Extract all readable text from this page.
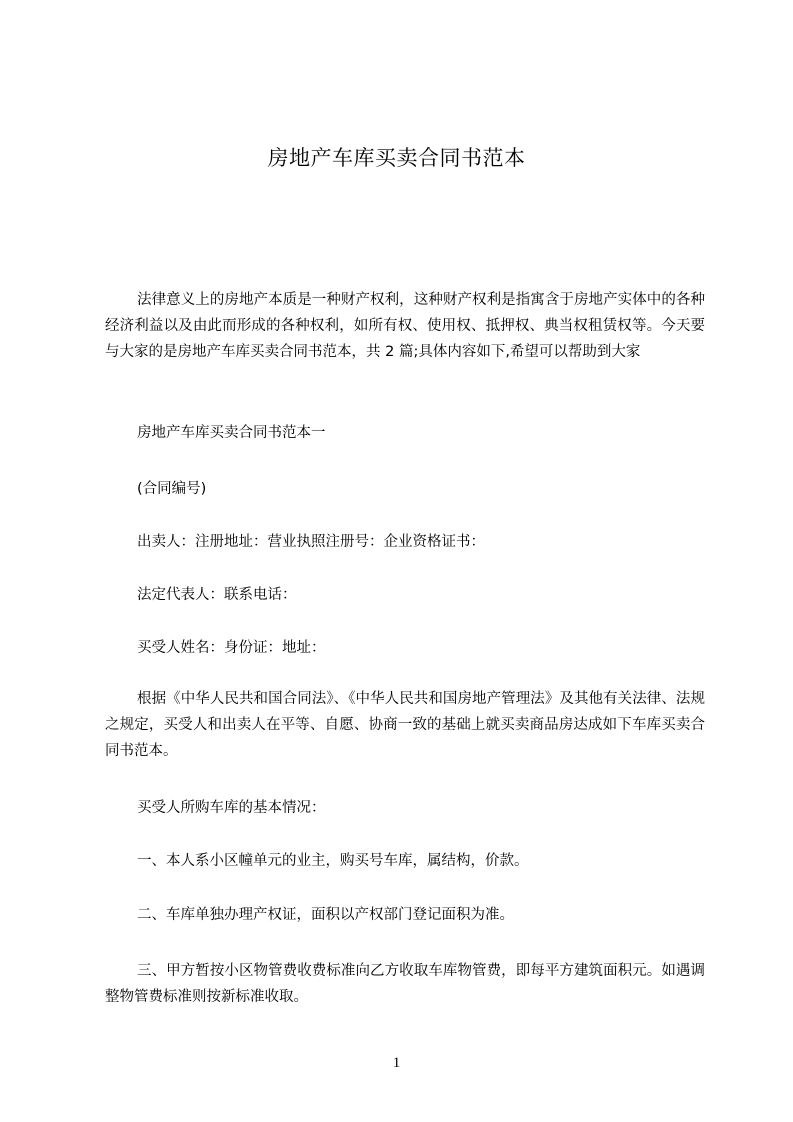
房地产车库买卖合同书范本

法律意义上的房地产本质是一种财产权利，这种财产权利是指寓含于房地产实体中的各种经济利益以及由此而形成的各种权利，如所有权、使用权、抵押权、典当权租赁权等。今天要与大家的是房地产车库买卖合同书范本，共 2 篇;具体内容如下,希望可以帮助到大家

房地产车库买卖合同书范本一

(合同编号)

出卖人：注册地址：营业执照注册号：企业资格证书：

法定代表人：联系电话：

买受人姓名：身份证：地址：

根据《中华人民共和国合同法》、《中华人民共和国房地产管理法》及其他有关法律、法规之规定，买受人和出卖人在平等、自愿、协商一致的基础上就买卖商品房达成如下车库买卖合同书范本。

买受人所购车库的基本情况：

一、本人系小区幢单元的业主，购买号车库，属结构，价款。

二、车库单独办理产权证，面积以产权部门登记面积为准。

三、甲方暂按小区物管费收费标准向乙方收取车库物管费，即每平方建筑面积元。如遇调整物管费标准则按新标准收取。

1
